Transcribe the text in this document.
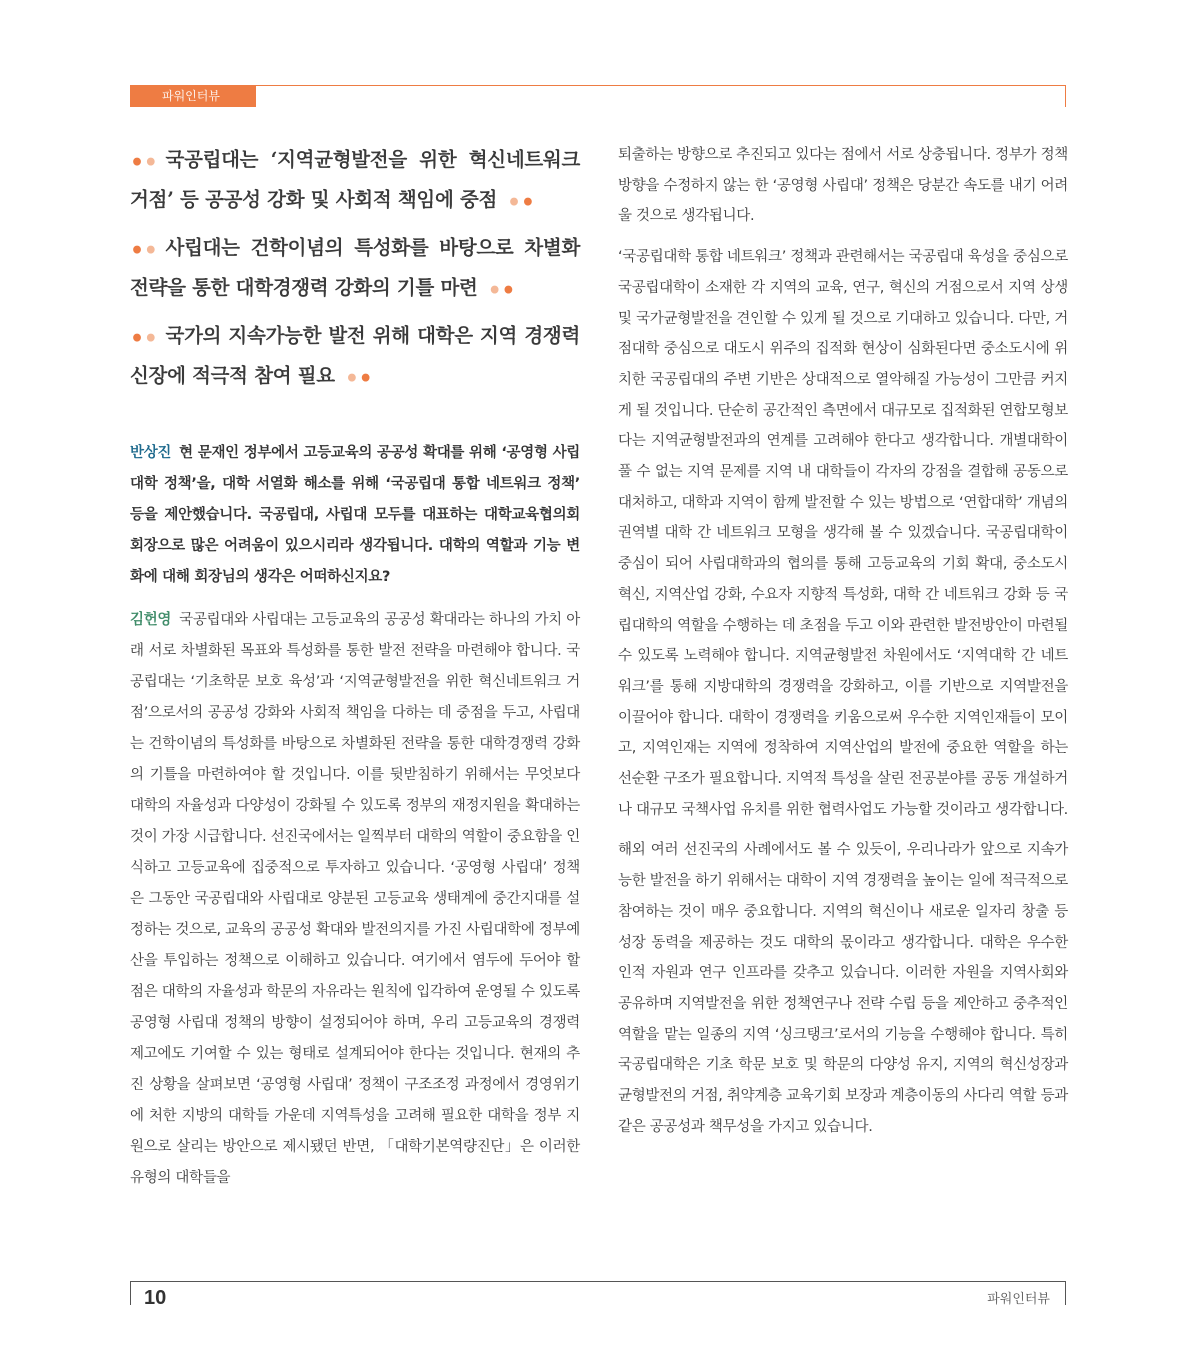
파워인터뷰

•• 국공립대는 ‘지역균형발전을 위한 혁신네트워크 거점’ 등 공공성 강화 및 사회적 책임에 중점 ••

•• 사립대는 건학이념의 특성화를 바탕으로 차별화 전략을 통한 대학경쟁력 강화의 기틀 마련 ••

•• 국가의 지속가능한 발전 위해 대학은 지역 경쟁력 신장에 적극적 참여 필요 ••

반상진 현 문재인 정부에서 고등교육의 공공성 확대를 위해 ‘공영형 사립대학 정책’을, 대학 서열화 해소를 위해 ‘국공립대 통합 네트워크 정책’ 등을 제안했습니다. 국공립대, 사립대 모두를 대표하는 대학교육협의회 회장으로 많은 어려움이 있으시리라 생각됩니다. 대학의 역할과 기능 변화에 대해 회장님의 생각은 어떠하신지요?

김헌영 국공립대와 사립대는 고등교육의 공공성 확대라는 하나의 가치 아래 서로 차별화된 목표와 특성화를 통한 발전 전략을 마련해야 합니다. 국공립대는 ‘기초학문 보호 육성’과 ‘지역균형발전을 위한 혁신네트워크 거점’으로서의 공공성 강화와 사회적 책임을 다하는 데 중점을 두고, 사립대는 건학이념의 특성화를 바탕으로 차별화된 전략을 통한 대학경쟁력 강화의 기틀을 마련하여야 할 것입니다. 이를 뒷받침하기 위해서는 무엇보다 대학의 자율성과 다양성이 강화될 수 있도록 정부의 재정지원을 확대하는 것이 가장 시급합니다. 선진국에서는 일찍부터 대학의 역할이 중요함을 인식하고 고등교육에 집중적으로 투자하고 있습니다. ‘공영형 사립대’ 정책은 그동안 국공립대와 사립대로 양분된 고등교육 생태계에 중간지대를 설정하는 것으로, 교육의 공공성 확대와 발전의지를 가진 사립대학에 정부예산을 투입하는 정책으로 이해하고 있습니다. 여기에서 염두에 두어야 할 점은 대학의 자율성과 학문의 자유라는 원칙에 입각하여 운영될 수 있도록 공영형 사립대 정책의 방향이 설정되어야 하며, 우리 고등교육의 경쟁력 제고에도 기여할 수 있는 형태로 설계되어야 한다는 것입니다. 현재의 추진 상황을 살펴보면 ‘공영형 사립대’ 정책이 구조조정 과정에서 경영위기에 처한 지방의 대학들 가운데 지역특성을 고려해 필요한 대학을 정부 지원으로 살리는 방안으로 제시됐던 반면, 「대학기본역량진단」은 이러한 유형의 대학들을

퇴출하는 방향으로 추진되고 있다는 점에서 서로 상충됩니다. 정부가 정책 방향을 수정하지 않는 한 ‘공영형 사립대’ 정책은 당분간 속도를 내기 어려울 것으로 생각됩니다.

‘국공립대학 통합 네트워크’ 정책과 관련해서는 국공립대 육성을 중심으로 국공립대학이 소재한 각 지역의 교육, 연구, 혁신의 거점으로서 지역 상생 및 국가균형발전을 견인할 수 있게 될 것으로 기대하고 있습니다. 다만, 거점대학 중심으로 대도시 위주의 집적화 현상이 심화된다면 중소도시에 위치한 국공립대의 주변 기반은 상대적으로 열악해질 가능성이 그만큼 커지게 될 것입니다. 단순히 공간적인 측면에서 대규모로 집적화된 연합모형보다는 지역균형발전과의 연계를 고려해야 한다고 생각합니다. 개별대학이 풀 수 없는 지역 문제를 지역 내 대학들이 각자의 강점을 결합해 공동으로 대처하고, 대학과 지역이 함께 발전할 수 있는 방법으로 ‘연합대학’ 개념의 권역별 대학 간 네트워크 모형을 생각해 볼 수 있겠습니다. 국공립대학이 중심이 되어 사립대학과의 협의를 통해 고등교육의 기회 확대, 중소도시 혁신, 지역산업 강화, 수요자 지향적 특성화, 대학 간 네트워크 강화 등 국립대학의 역할을 수행하는 데 초점을 두고 이와 관련한 발전방안이 마련될 수 있도록 노력해야 합니다. 지역균형발전 차원에서도 ‘지역대학 간 네트워크’를 통해 지방대학의 경쟁력을 강화하고, 이를 기반으로 지역발전을 이끌어야 합니다. 대학이 경쟁력을 키움으로써 우수한 지역인재들이 모이고, 지역인재는 지역에 정착하여 지역산업의 발전에 중요한 역할을 하는 선순환 구조가 필요합니다. 지역적 특성을 살린 전공분야를 공동 개설하거나 대규모 국책사업 유치를 위한 협력사업도 가능할 것이라고 생각합니다.

해외 여러 선진국의 사례에서도 볼 수 있듯이, 우리나라가 앞으로 지속가능한 발전을 하기 위해서는 대학이 지역 경쟁력을 높이는 일에 적극적으로 참여하는 것이 매우 중요합니다. 지역의 혁신이나 새로운 일자리 창출 등 성장 동력을 제공하는 것도 대학의 몫이라고 생각합니다. 대학은 우수한 인적 자원과 연구 인프라를 갖추고 있습니다. 이러한 자원을 지역사회와 공유하며 지역발전을 위한 정책연구나 전략 수립 등을 제안하고 중추적인 역할을 맡는 일종의 지역 ‘싱크탱크’로서의 기능을 수행해야 합니다. 특히 국공립대학은 기초 학문 보호 및 학문의 다양성 유지, 지역의 혁신성장과 균형발전의 거점, 취약계층 교육기회 보장과 계층이동의 사다리 역할 등과 같은 공공성과 책무성을 가지고 있습니다.

10	파워인터뷰
